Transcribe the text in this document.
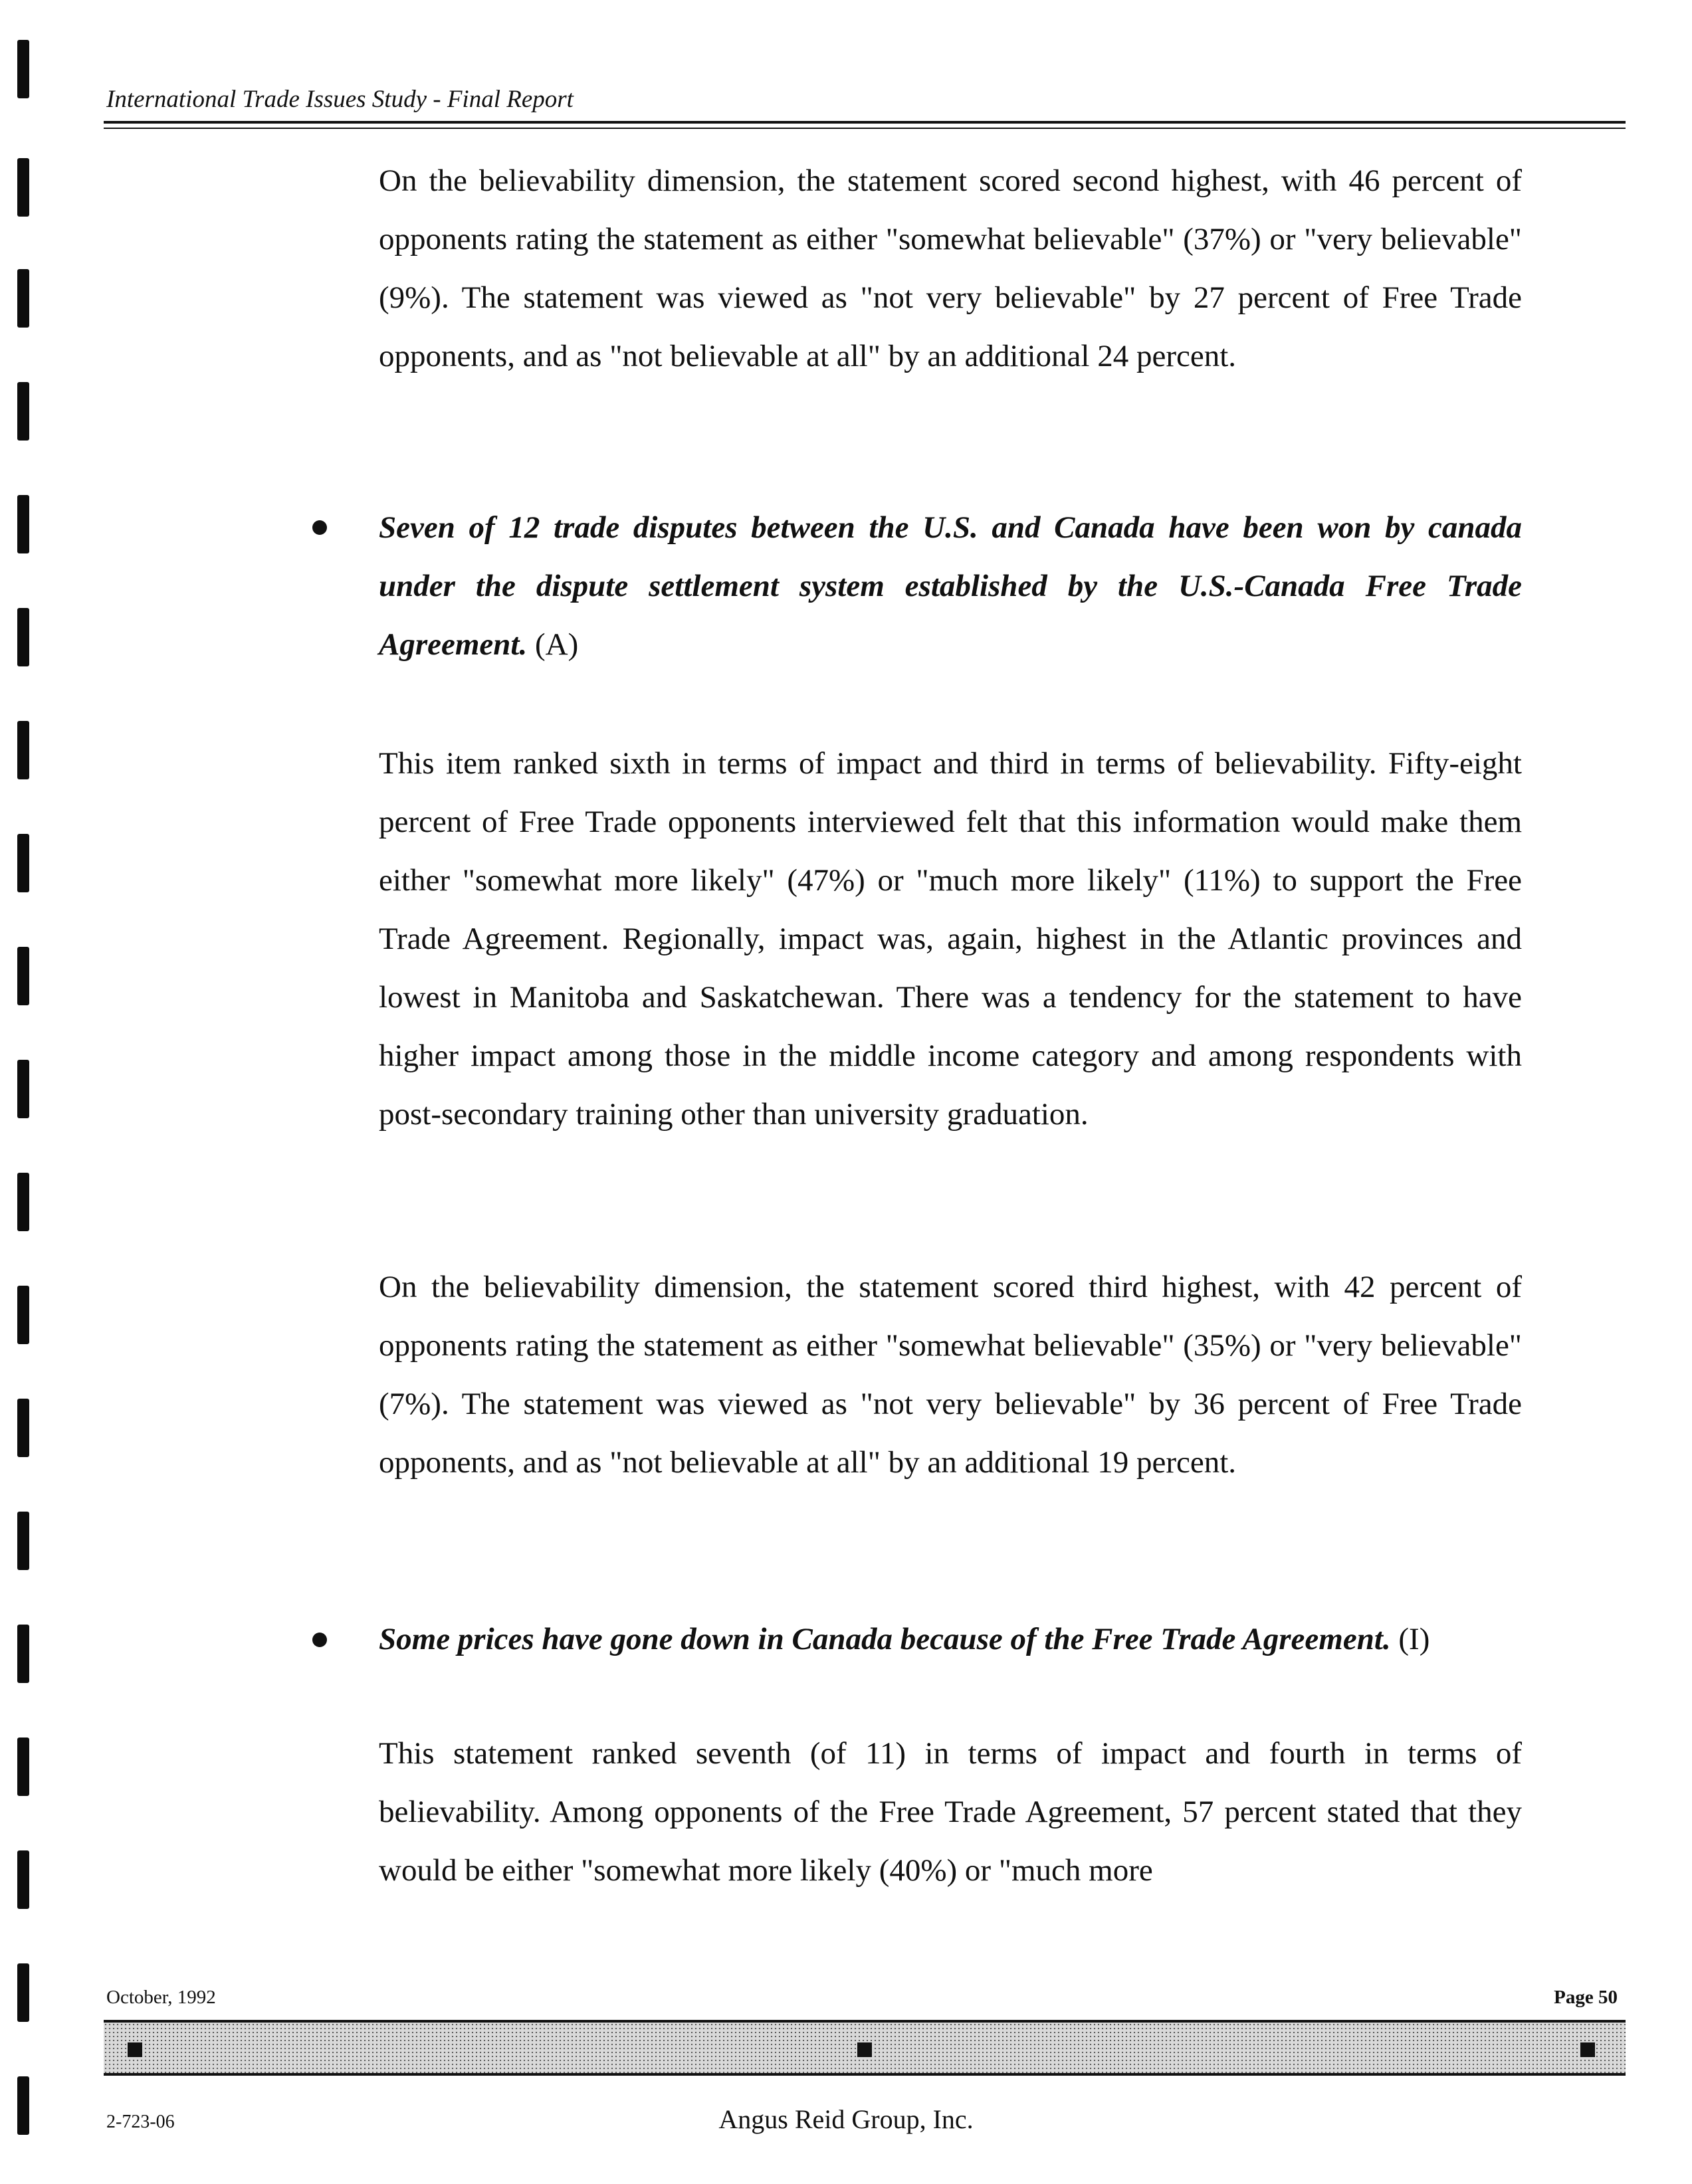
International Trade Issues Study - Final Report
On the believability dimension, the statement scored second highest, with 46 percent of opponents rating the statement as either "somewhat believable" (37%) or "very believable" (9%). The statement was viewed as "not very believable" by 27 percent of Free Trade opponents, and as "not believable at all" by an additional 24 percent.
Seven of 12 trade disputes between the U.S. and Canada have been won by canada under the dispute settlement system established by the U.S.-Canada Free Trade Agreement. (A)
This item ranked sixth in terms of impact and third in terms of believability. Fifty-eight percent of Free Trade opponents interviewed felt that this information would make them either "somewhat more likely" (47%) or "much more likely" (11%) to support the Free Trade Agreement. Regionally, impact was, again, highest in the Atlantic provinces and lowest in Manitoba and Saskatchewan. There was a tendency for the statement to have higher impact among those in the middle income category and among respondents with post-secondary training other than university graduation.
On the believability dimension, the statement scored third highest, with 42 percent of opponents rating the statement as either "somewhat believable" (35%) or "very believable" (7%). The statement was viewed as "not very believable" by 36 percent of Free Trade opponents, and as "not believable at all" by an additional 19 percent.
Some prices have gone down in Canada because of the Free Trade Agreement. (I)
This statement ranked seventh (of 11) in terms of impact and fourth in terms of believability. Among opponents of the Free Trade Agreement, 57 percent stated that they would be either "somewhat more likely (40%) or "much more
October, 1992	Page 50
2-723-06	Angus Reid Group, Inc.
